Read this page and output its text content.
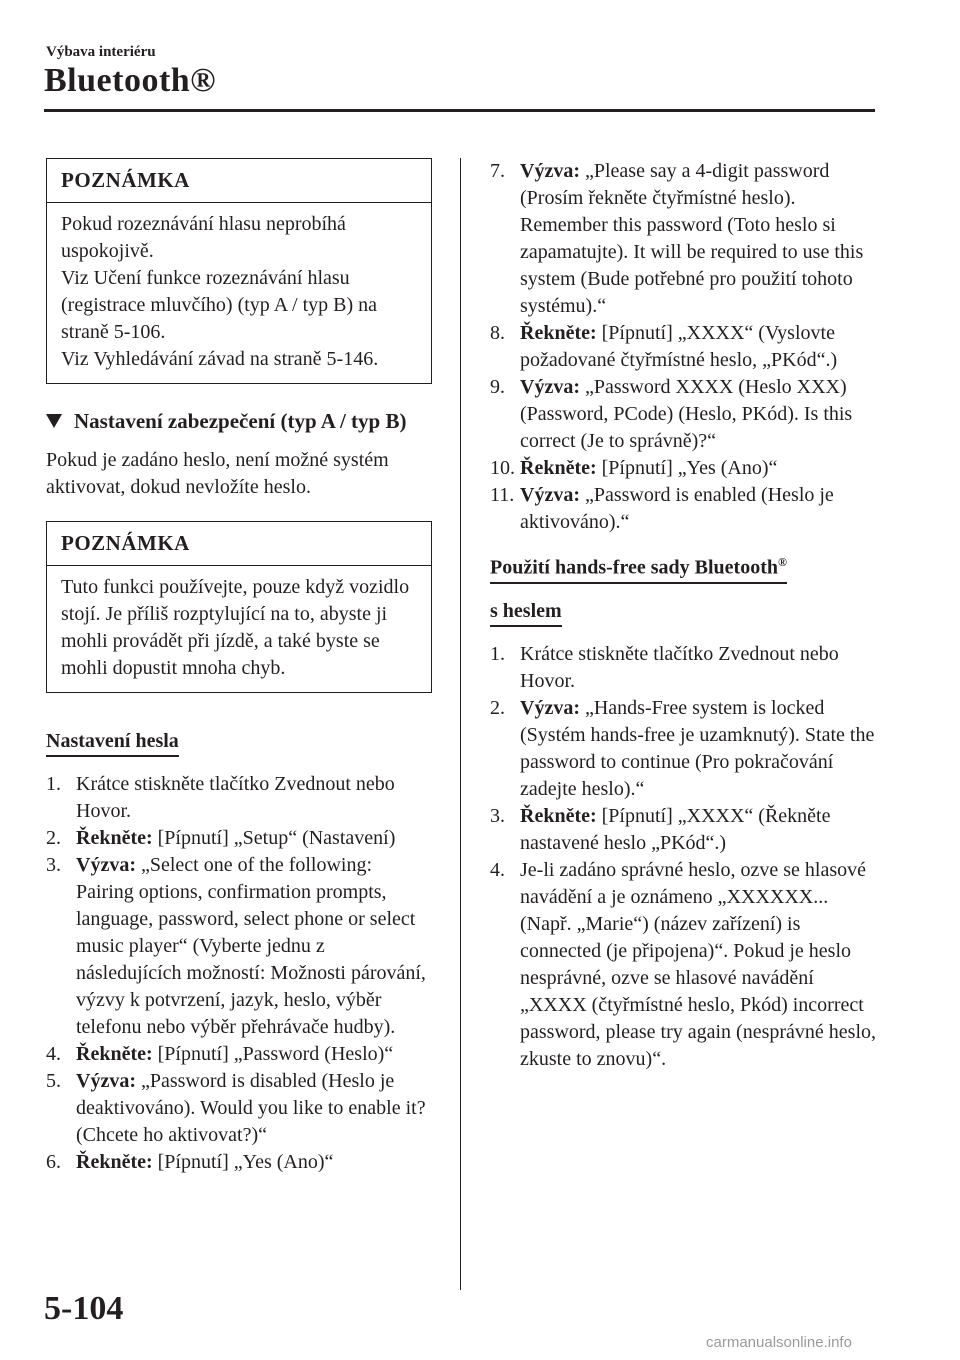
Výbava interiéru
Bluetooth®
POZNÁMKA

Pokud rozeznávání hlasu neprobíhá uspokojivě.

Viz Učení funkce rozeznávání hlasu (registrace mluvčího) (typ A / typ B) na straně 5-106.

Viz Vyhledávání závad na straně 5-146.

Nastavení zabezpečení (typ A / typ B)

Pokud je zadáno heslo, není možné systém aktivovat, dokud nevložíte heslo.

POZNÁMKA

Tuto funkci používejte, pouze když vozidlo stojí. Je příliš rozptylující na to, abyste ji mohli provádět při jízdě, a také byste se mohli dopustit mnoha chyb.

Nastavení hesla
1. Krátce stiskněte tlačítko Zvednout nebo Hovor.
2. Řekněte: [Pípnutí] „Setup“ (Nastavení)
3. Výzva: „Select one of the following: Pairing options, confirmation prompts, language, password, select phone or select music player“ (Vyberte jednu z následujících možností: Možnosti párování, výzvy k potvrzení, jazyk, heslo, výběr telefonu nebo výběr přehrávače hudby).
4. Řekněte: [Pípnutí] „Password (Heslo)“
5. Výzva: „Password is disabled (Heslo je deaktivováno). Would you like to enable it? (Chcete ho aktivovat?)“
6. Řekněte: [Pípnutí] „Yes (Ano)“
7. Výzva: „Please say a 4-digit password (Prosím řekněte čtyřmístné heslo). Remember this password (Toto heslo si zapamatujte). It will be required to use this system (Bude potřebné pro použití tohoto systému).“
8. Řekněte: [Pípnutí] „XXXX“ (Vyslovte požadované čtyřmístné heslo, „PKód“.)
9. Výzva: „Password XXXX (Heslo XXX) (Password, PCode) (Heslo, PKód). Is this correct (Je to správně)?“
10. Řekněte: [Pípnutí] „Yes (Ano)“
11. Výzva: „Password is enabled (Heslo je aktivováno).“
Použití hands-free sady Bluetooth®
s heslem
1. Krátce stiskněte tlačítko Zvednout nebo Hovor.
2. Výzva: „Hands-Free system is locked (Systém hands-free je uzamknutý). State the password to continue (Pro pokračování zadejte heslo).“
3. Řekněte: [Pípnutí] „XXXX“ (Řekněte nastavené heslo „PKód“.)
4. Je-li zadáno správné heslo, ozve se hlasové navádění a je oznámeno „XXXXXX... (Např. „Marie“) (název zařízení) is connected (je připojena)“. Pokud je heslo nesprávné, ozve se hlasové navádění „XXXX (čtyřmístné heslo, Pkód) incorrect password, please try again (nesprávné heslo, zkuste to znovu)“.
5-104
carmanualsonline.info
